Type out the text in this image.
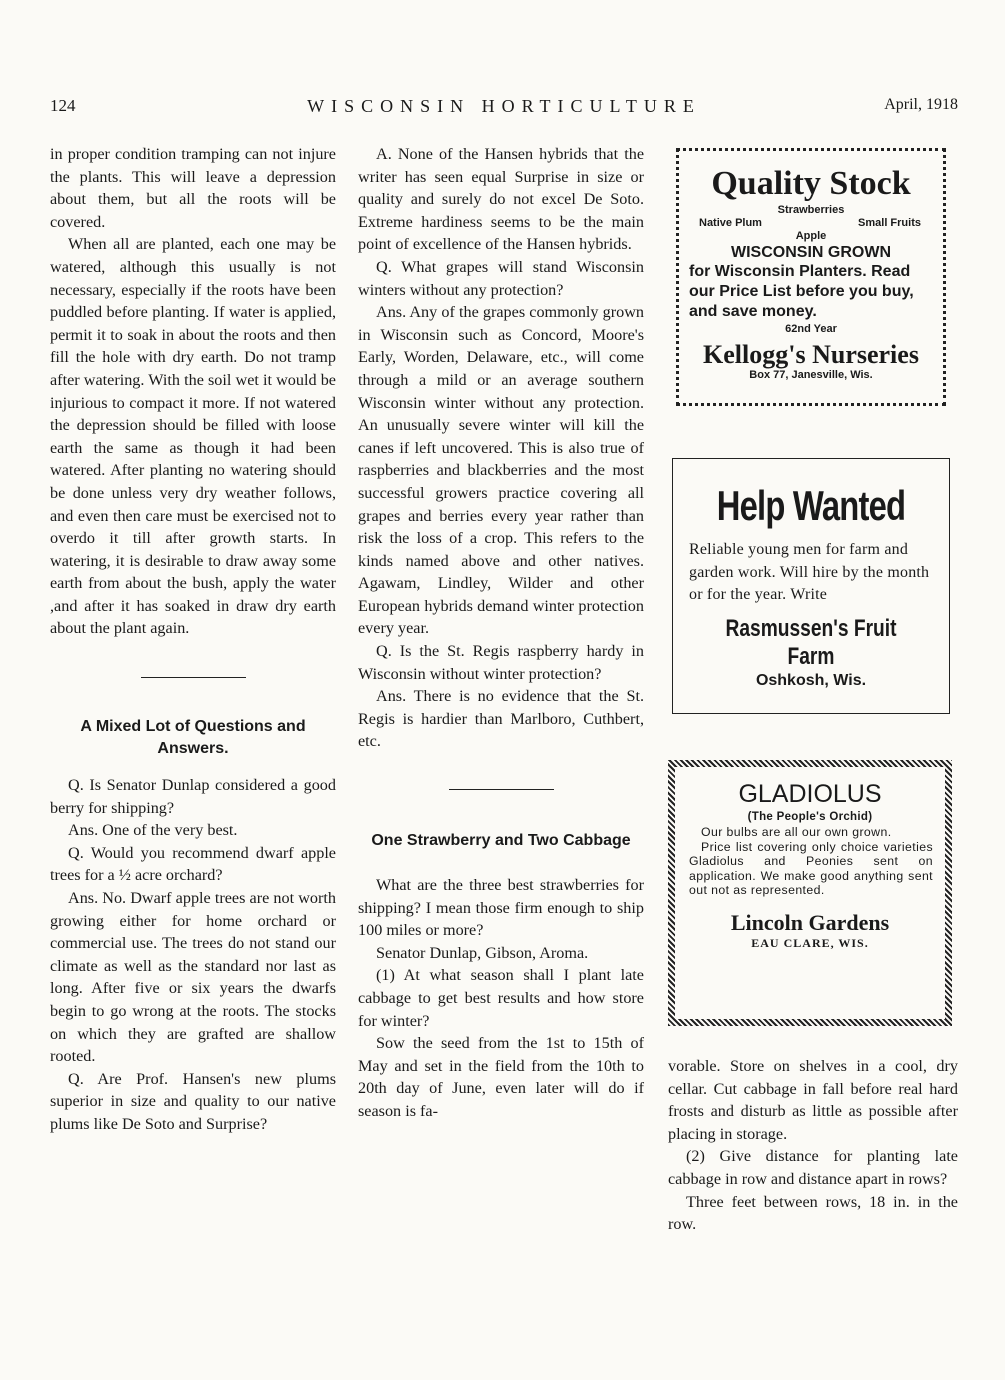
124	WISCONSIN HORTICULTURE	April, 1918

in proper condition tramping can not injure the plants. This will leave a depression about them, but all the roots will be covered.

When all are planted, each one may be watered, although this usually is not necessary, especially if the roots have been puddled before planting. If water is applied, permit it to soak in about the roots and then fill the hole with dry earth. Do not tramp after watering. With the soil wet it would be injurious to compact it more. If not watered the depression should be filled with loose earth the same as though it had been watered. After planting no watering should be done unless very dry weather follows, and even then care must be exercised not to overdo it till after growth starts. In watering, it is desirable to draw away some earth from about the bush, apply the water ,and after it has soaked in draw dry earth about the plant again.

A Mixed Lot of Questions and Answers.

Q. Is Senator Dunlap considered a good berry for shipping?

Ans. One of the very best.

Q. Would you recommend dwarf apple trees for a ½ acre orchard?

Ans. No. Dwarf apple trees are not worth growing either for home orchard or commercial use. The trees do not stand our climate as well as the standard nor last as long. After five or six years the dwarfs begin to go wrong at the roots. The stocks on which they are grafted are shallow rooted.

Q. Are Prof. Hansen's new plums superior in size and quality to our native plums like De Soto and Surprise?

A. None of the Hansen hybrids that the writer has seen equal Surprise in size or quality and surely do not excel De Soto. Extreme hardiness seems to be the main point of excellence of the Hansen hybrids.

Q. What grapes will stand Wisconsin winters without any protection?

Ans. Any of the grapes commonly grown in Wisconsin such as Concord, Moore's Early, Worden, Delaware, etc., will come through a mild or an average southern Wisconsin winter without any protection. An unusually severe winter will kill the canes if left uncovered. This is also true of raspberries and blackberries and the most successful growers practice covering all grapes and berries every year rather than risk the loss of a crop. This refers to the kinds named above and other natives. Agawam, Lindley, Wilder and other European hybrids demand winter protection every year.

Q. Is the St. Regis raspberry hardy in Wisconsin without winter protection?

Ans. There is no evidence that the St. Regis is hardier than Marlboro, Cuthbert, etc.

One Strawberry and Two Cabbage

What are the three best strawberries for shipping? I mean those firm enough to ship 100 miles or more?

Senator Dunlap, Gibson, Aroma.

(1) At what season shall I plant late cabbage to get best results and how store for winter?

Sow the seed from the 1st to 15th of May and set in the field from the 10th to 20th day of June, even later will do if season is fa-

Quality Stock
Strawberries
Native Plum	Small Fruits
Apple
WISCONSIN GROWN
for Wisconsin Planters. Read our Price List before you buy, and save money.
62nd Year
Kellogg's Nurseries
Box 77, Janesville, Wis.
Help Wanted
Reliable young men for farm and garden work. Will hire by the month or for the year. Write
Rasmussen's Fruit Farm
Oshkosh, Wis.
GLADIOLUS
(The People's Orchid)

Our bulbs are all our own grown.

Price list covering only choice varieties Gladiolus and Peonies sent on application. We make good anything sent out not as represented.

Lincoln Gardens
EAU CLARE, WIS.

vorable. Store on shelves in a cool, dry cellar. Cut cabbage in fall before real hard frosts and disturb as little as possible after placing in storage.

(2) Give distance for planting late cabbage in row and distance apart in rows?

Three feet between rows, 18 in. in the row.
